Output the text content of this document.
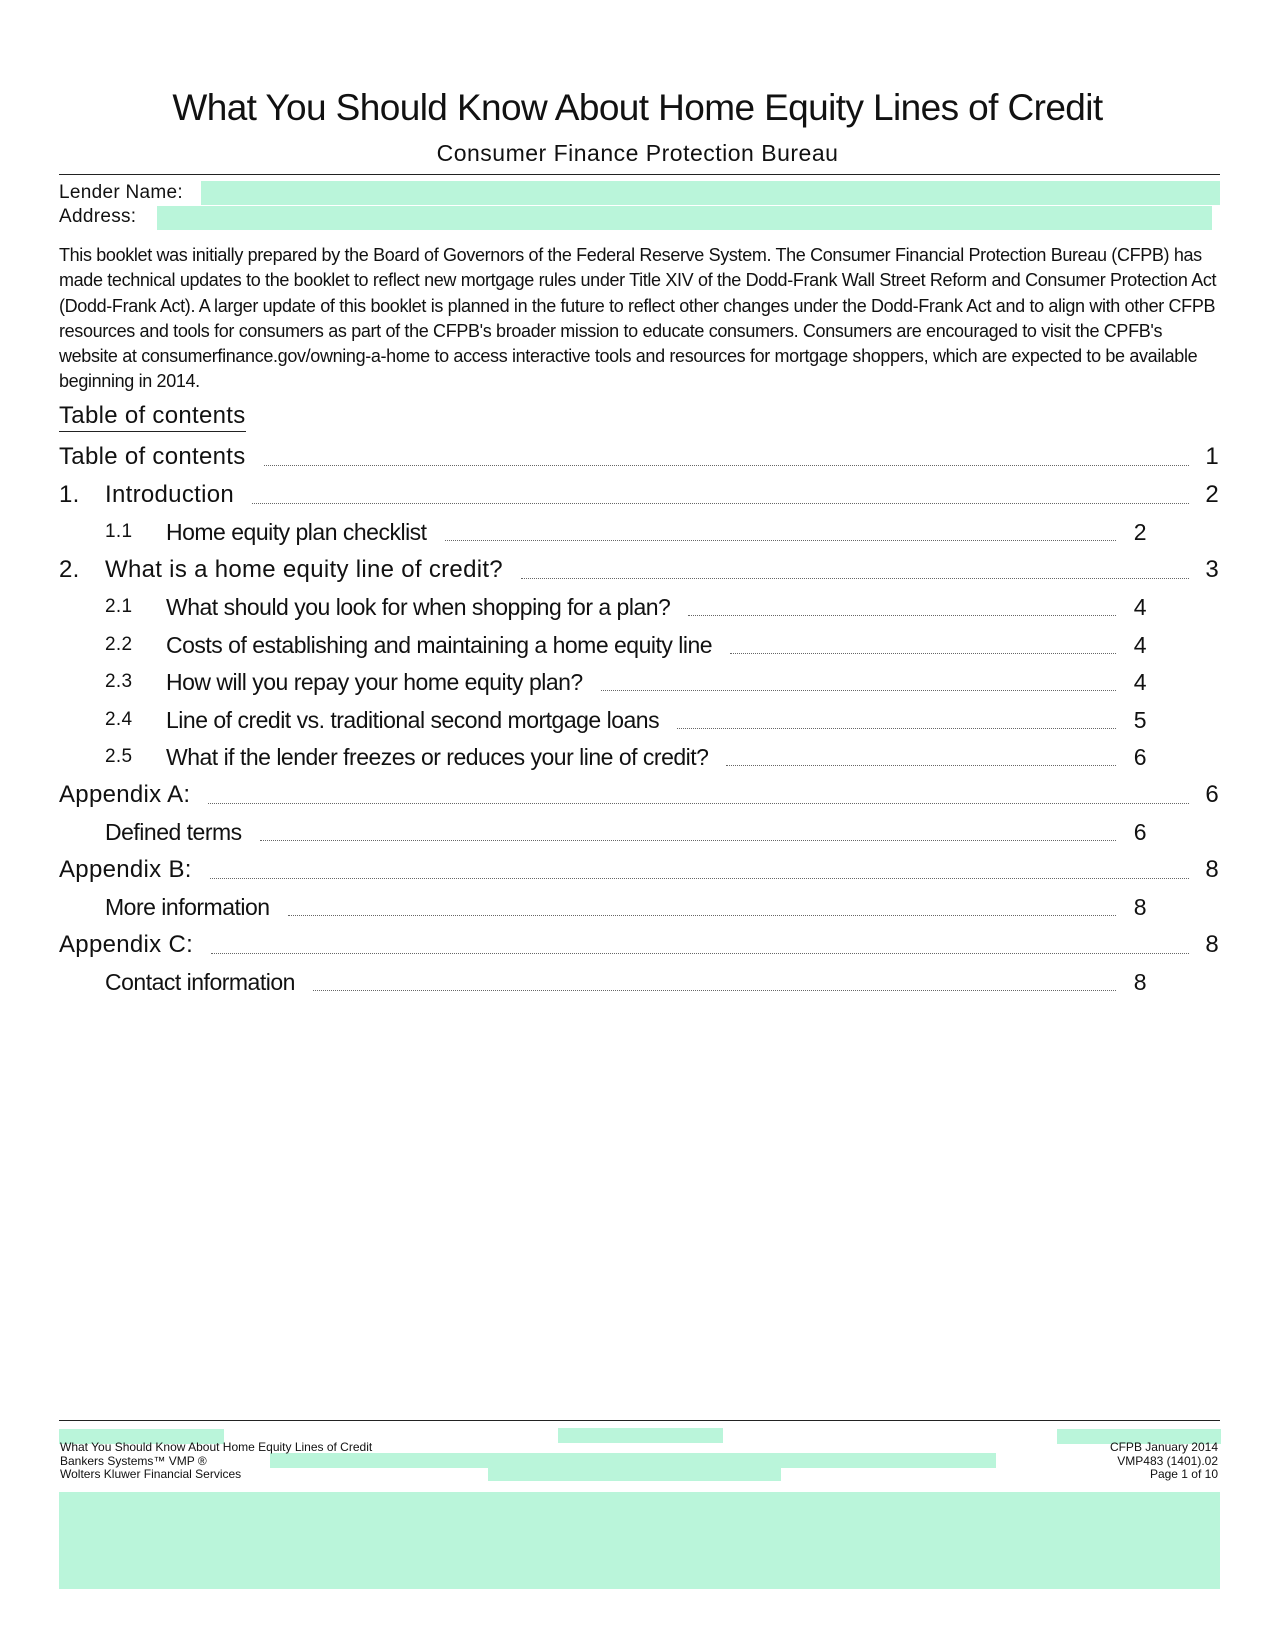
What You Should Know About Home Equity Lines of Credit
Consumer Finance Protection Bureau
Lender Name:
Address:
This booklet was initially prepared by the Board of Governors of the Federal Reserve System. The Consumer Financial Protection Bureau (CFPB) has made technical updates to the booklet to reflect new mortgage rules under Title XIV of the Dodd-Frank Wall Street Reform and Consumer Protection Act (Dodd-Frank Act). A larger update of this booklet is planned in the future to reflect other changes under the Dodd-Frank Act and to align with other CFPB resources and tools for consumers as part of the CFPB's broader mission to educate consumers. Consumers are encouraged to visit the CPFB's website at consumerfinance.gov/owning-a-home to access interactive tools and resources for mortgage shoppers, which are expected to be available beginning in 2014.
Table of contents
Table of contents	1
1.	Introduction	2
1.1	Home equity plan checklist	2
2.	What is a home equity line of credit?	3
2.1	What should you look for when shopping for a plan?	4
2.2	Costs of establishing and maintaining a home equity line	4
2.3	How will you repay your home equity plan?	4
2.4	Line of credit vs. traditional second mortgage loans	5
2.5	What if the lender freezes or reduces your line of credit?	6
Appendix A:	6
Defined terms	6
Appendix B:	8
More information	8
Appendix C:	8
Contact information	8
What You Should Know About Home Equity Lines of Credit
Bankers Systems™ VMP ®
Wolters Kluwer Financial Services
CFPB January 2014
VMP483 (1401).02
Page 1 of 10
